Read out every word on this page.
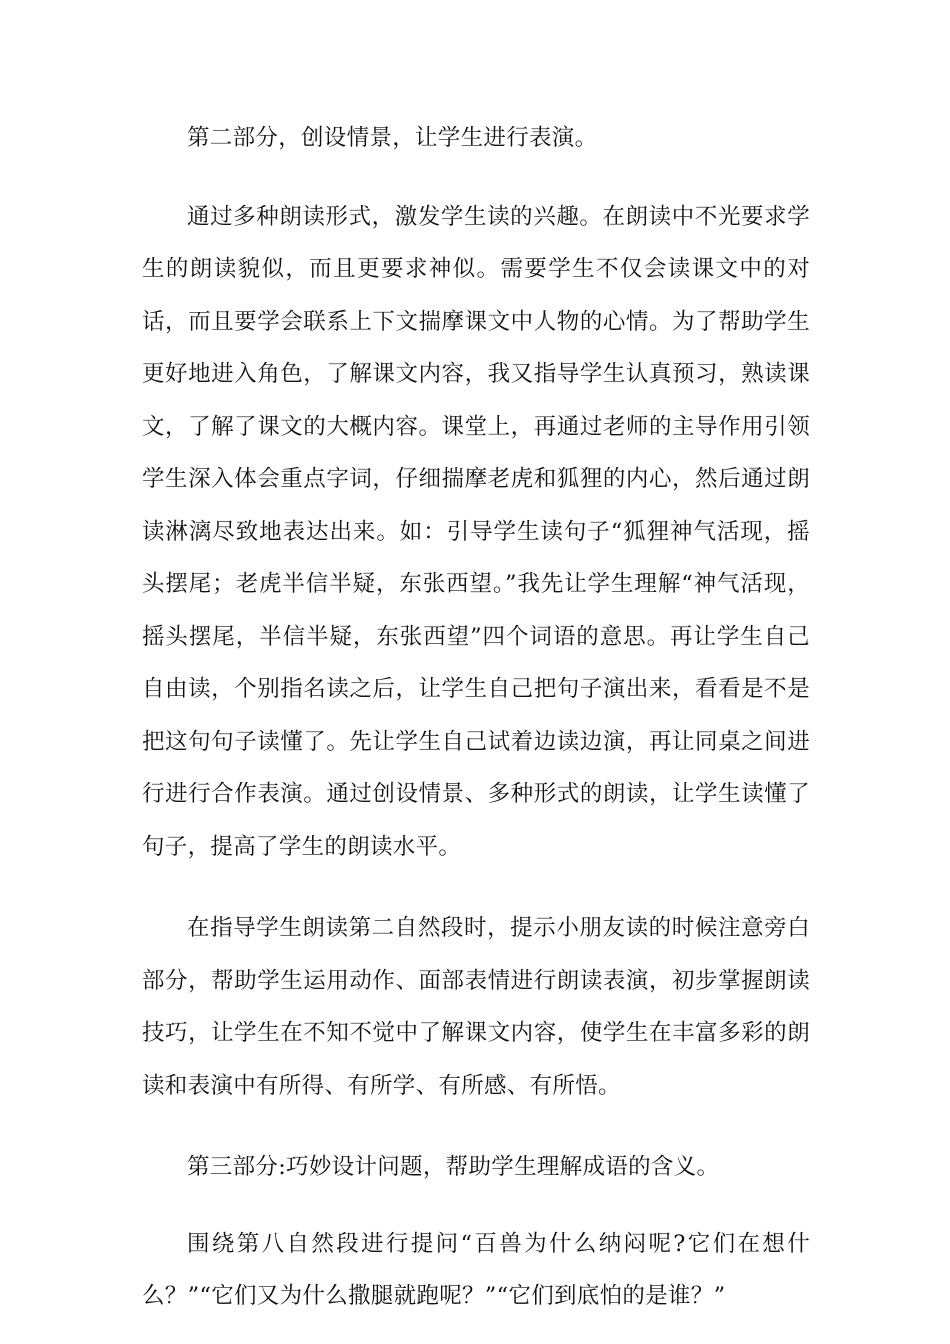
第二部分，创设情景，让学生进行表演。

通过多种朗读形式，激发学生读的兴趣。在朗读中不光要求学生的朗读貌似，而且更要求神似。需要学生不仅会读课文中的对话，而且要学会联系上下文揣摩课文中人物的心情。为了帮助学生更好地进入角色，了解课文内容，我又指导学生认真预习，熟读课文，了解了课文的大概内容。课堂上，再通过老师的主导作用引领学生深入体会重点字词，仔细揣摩老虎和狐狸的内心，然后通过朗读淋漓尽致地表达出来。如：引导学生读句子“狐狸神气活现，摇头摆尾；老虎半信半疑，东张西望。”我先让学生理解“神气活现，摇头摆尾，半信半疑，东张西望”四个词语的意思。再让学生自己自由读，个别指名读之后，让学生自己把句子演出来，看看是不是把这句句子读懂了。先让学生自己试着边读边演，再让同桌之间进行进行合作表演。通过创设情景、多种形式的朗读，让学生读懂了句子，提高了学生的朗读水平。

在指导学生朗读第二自然段时，提示小朋友读的时候注意旁白部分，帮助学生运用动作、面部表情进行朗读表演，初步掌握朗读技巧，让学生在不知不觉中了解课文内容，使学生在丰富多彩的朗读和表演中有所得、有所学、有所感、有所悟。

第三部分:巧妙设计问题，帮助学生理解成语的含义。

围绕第八自然段进行提问“百兽为什么纳闷呢?它们在想什么？”“它们又为什么撒腿就跑呢？”“它们到底怕的是谁？”
